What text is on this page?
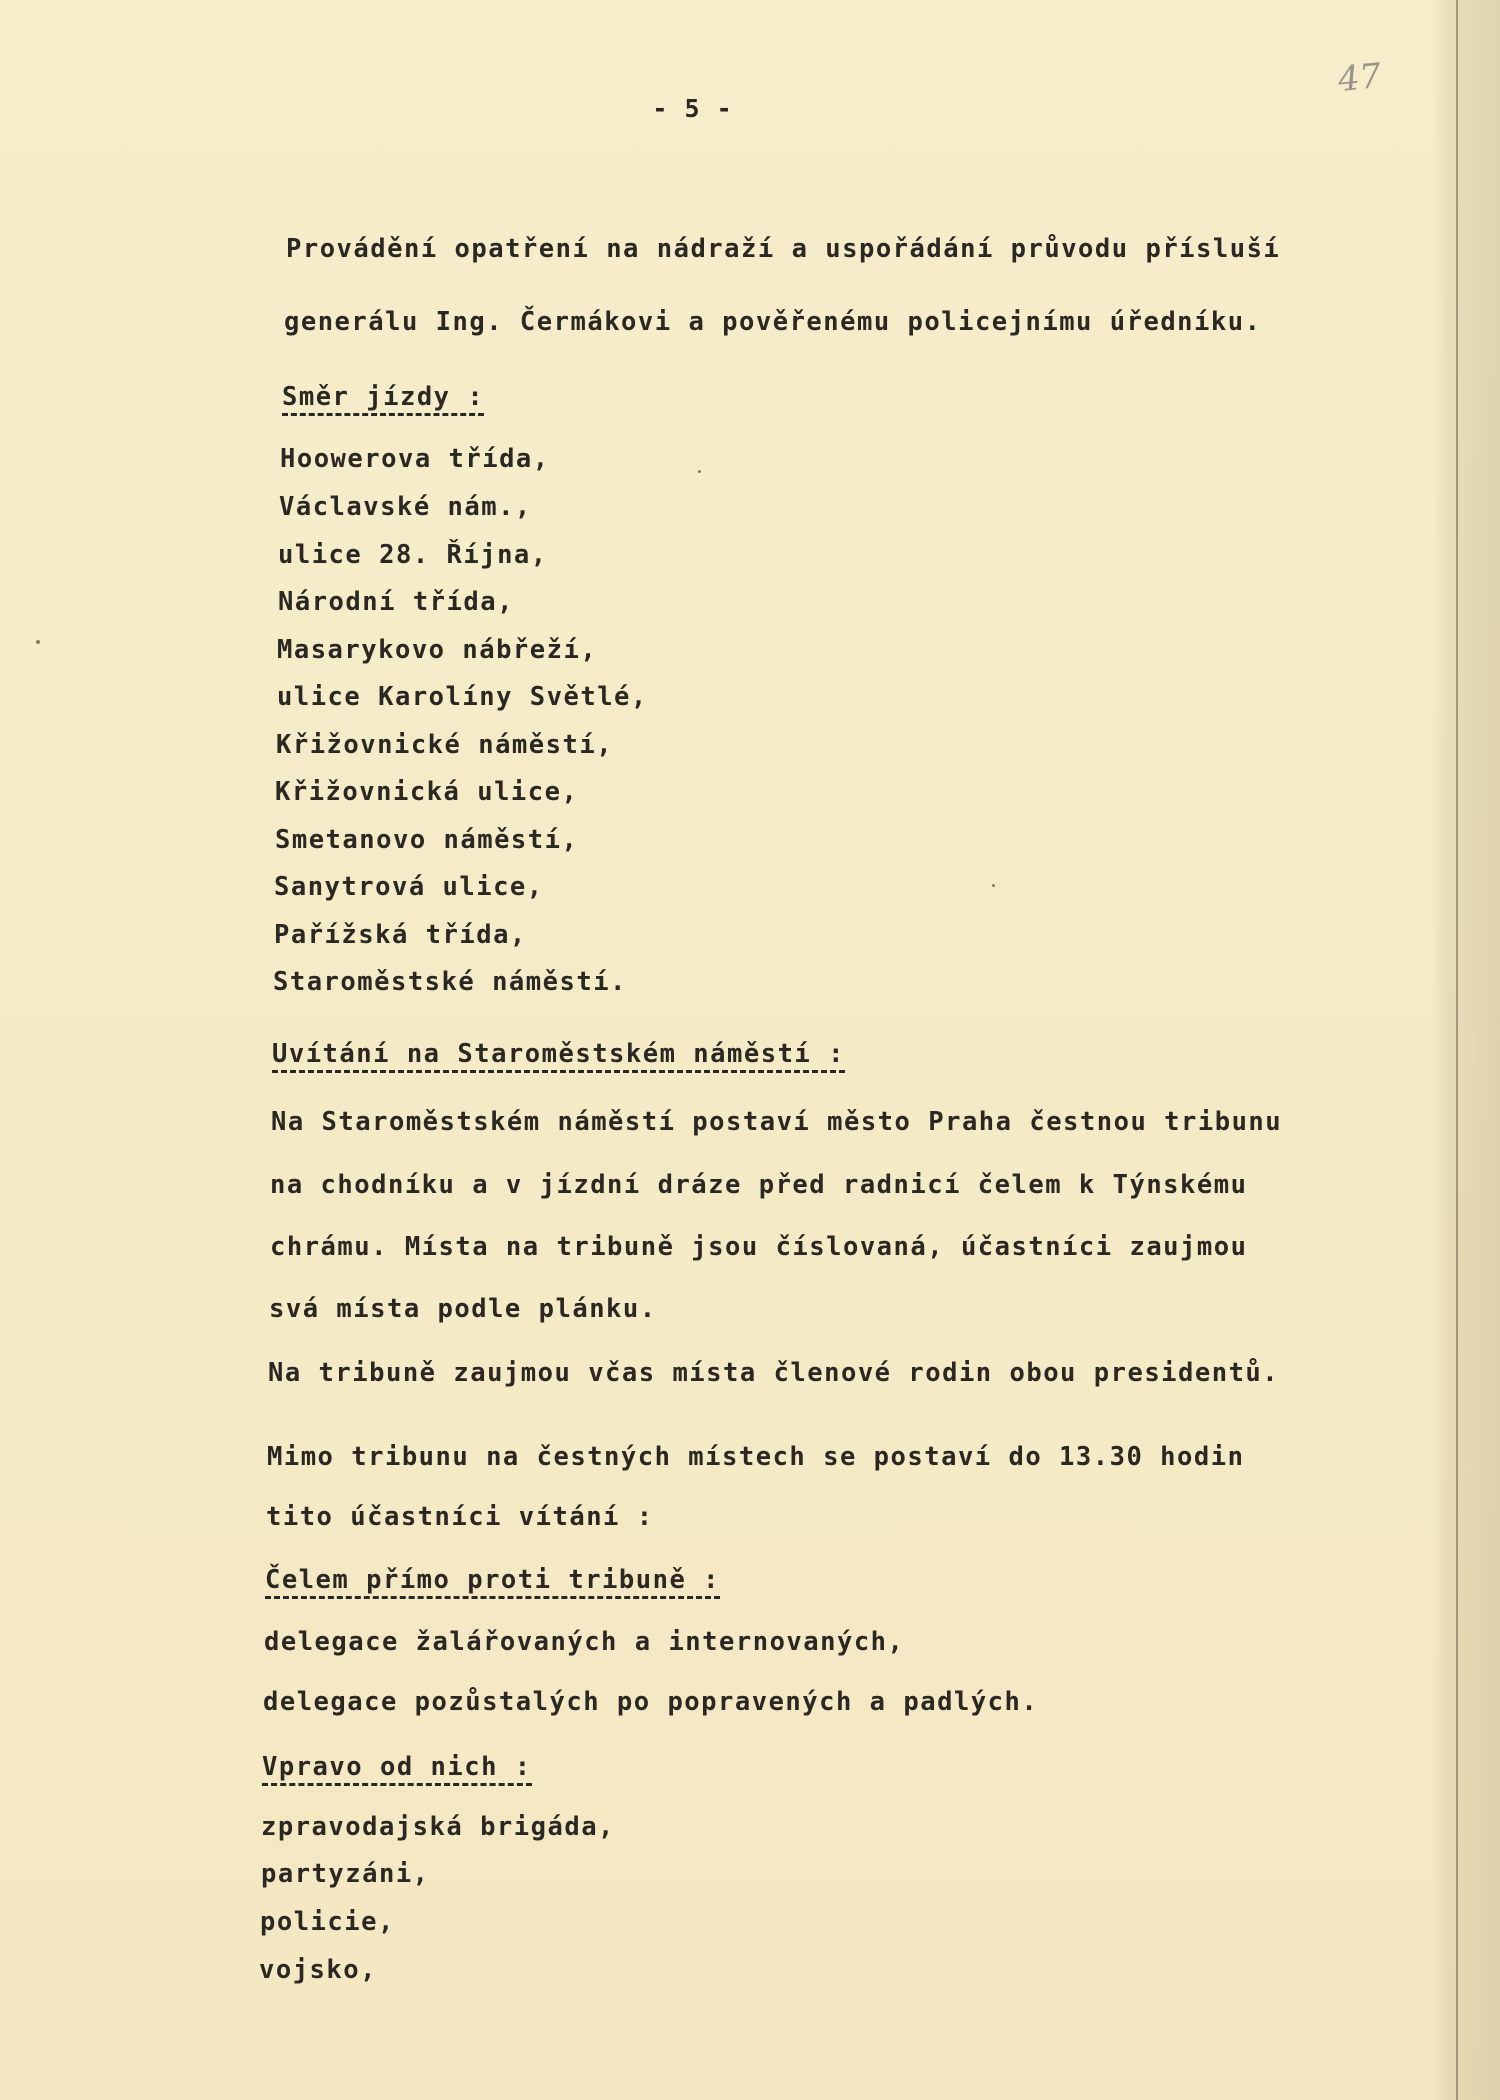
- 5 -
47
Provádění opatření na nádraží a uspořádání průvodu přísluší
generálu Ing. Čermákovi a pověřenému policejnímu úředníku.
Směr jízdy :
Hoowerova třída,
Václavské nám.,
ulice 28. Října,
Národní třída,
Masarykovo nábřeží,
ulice Karolíny Světlé,
Křižovnické náměstí,
Křižovnická ulice,
Smetanovo náměstí,
Sanytrová ulice,
Pařížská třída,
Staroměstské náměstí.
Uvítání na Staroměstském náměstí :
Na Staroměstském náměstí postaví město Praha čestnou tribunu
na chodníku a v jízdní dráze před radnicí čelem k Týnskému
chrámu. Místa na tribuně jsou číslovaná, účastníci zaujmou
svá místa podle plánku.
Na tribuně zaujmou včas místa členové rodin obou presidentů.
Mimo tribunu na čestných místech se postaví do 13.30 hodin
tito účastníci vítání :
Čelem přímo proti tribuně :
delegace žalářovaných a internovaných,
delegace pozůstalých po popravených a padlých.
Vpravo od nich :
zpravodajská brigáda,
partyzáni,
policie,
vojsko,
